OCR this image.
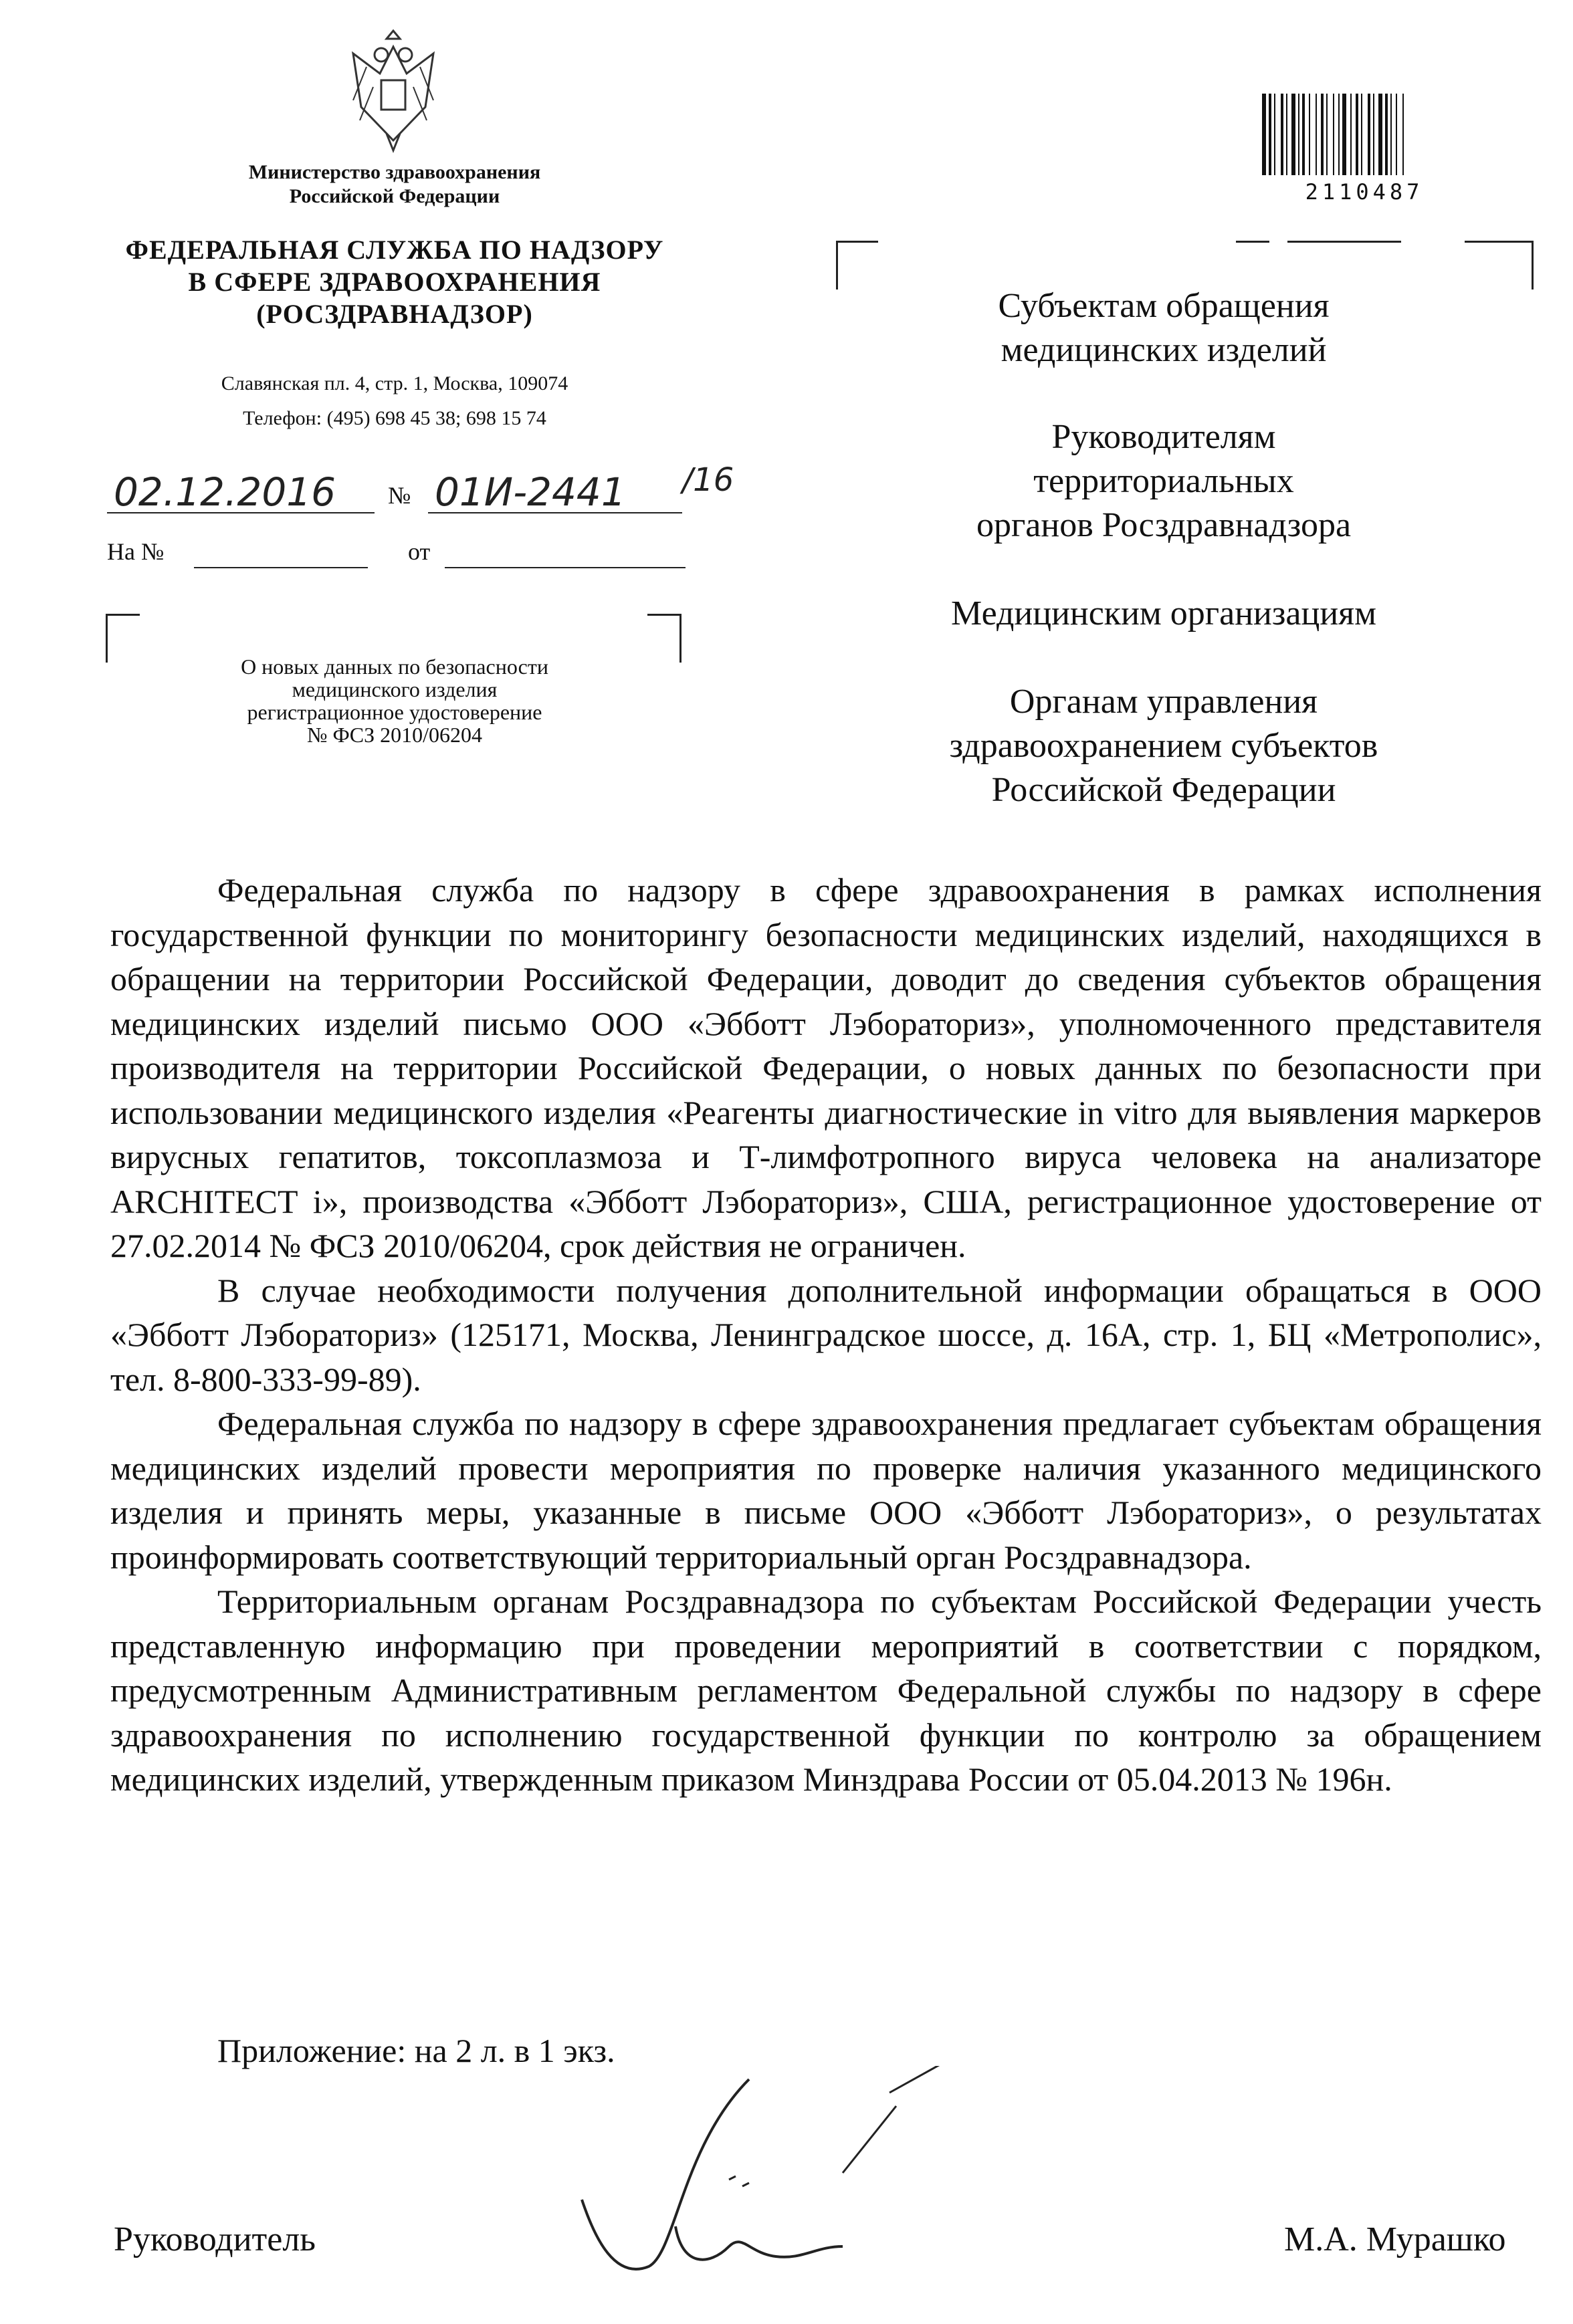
Министерство здравоохранения
Российской Федерации
ФЕДЕРАЛЬНАЯ СЛУЖБА ПО НАДЗОРУ
В СФЕРЕ ЗДРАВООХРАНЕНИЯ
(РОСЗДРАВНАДЗОР)
Славянская пл. 4, стр. 1, Москва, 109074
Телефон: (495) 698 45 38; 698 15 74
02.12.2016 № 01И-2441 /16
На №	от
О новых данных по безопасности
медицинского изделия
регистрационное удостоверение
№ ФСЗ 2010/06204
2110487
Субъектам обращения
медицинских изделий
Руководителям
территориальных
органов Росздравнадзора
Медицинским организациям
Органам управления
здравоохранением субъектов
Российской Федерации

Федеральная служба по надзору в сфере здравоохранения в рамках исполнения государственной функции по мониторингу безопасности медицинских изделий, находящихся в обращении на территории Российской Федерации, доводит до сведения субъектов обращения медицинских изделий письмо ООО «Эбботт Лэбораториз», уполномоченного представителя производителя на территории Российской Федерации, о новых данных по безопасности при использовании медицинского изделия «Реагенты диагностические in vitro для выявления маркеров вирусных гепатитов, токсоплазмоза и Т-лимфотропного вируса человека на анализаторе ARCHITECT i», производства «Эбботт Лэбораториз», США, регистрационное удостоверение от 27.02.2014 № ФСЗ 2010/06204, срок действия не ограничен.

В случае необходимости получения дополнительной информации обращаться в ООО «Эбботт Лэбораториз» (125171, Москва, Ленинградское шоссе, д. 16А, стр. 1, БЦ «Метрополис», тел. 8-800-333-99-89).

Федеральная служба по надзору в сфере здравоохранения предлагает субъектам обращения медицинских изделий провести мероприятия по проверке наличия указанного медицинского изделия и принять меры, указанные в письме ООО «Эбботт Лэбораториз», о результатах проинформировать соответствующий территориальный орган Росздравнадзора.

Территориальным органам Росздравнадзора по субъектам Российской Федерации учесть представленную информацию при проведении мероприятий в соответствии с порядком, предусмотренным Административным регламентом Федеральной службы по надзору в сфере здравоохранения по исполнению государственной функции по контролю за обращением медицинских изделий, утвержденным приказом Минздрава России от 05.04.2013 № 196н.

Приложение: на 2 л. в 1 экз.
Руководитель	М.А. Мурашко
